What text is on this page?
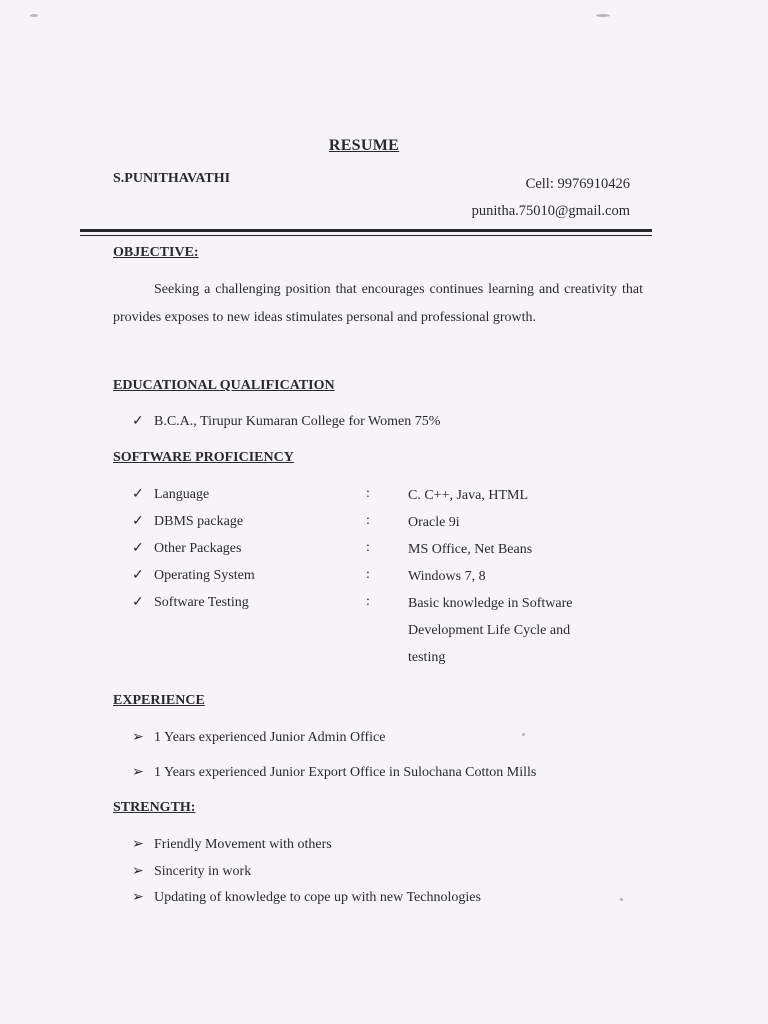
RESUME
S.PUNITHAVATHI	Cell: 9976910426
punitha.75010@gmail.com
OBJECTIVE:
Seeking a challenging position that encourages continues learning and creativity that provides exposes to new ideas stimulates personal and professional growth.
EDUCATIONAL QUALIFICATION
✓ B.C.A., Tirupur Kumaran College for Women 75%
SOFTWARE PROFICIENCY
✓ Language	:	C. C++, Java, HTML
✓ DBMS package	:	Oracle 9i
✓ Other Packages	:	MS Office, Net Beans
✓ Operating System	:	Windows 7, 8
✓ Software Testing	:	Basic knowledge in Software Development Life Cycle and testing
EXPERIENCE
➢ 1 Years experienced Junior Admin Office
➢ 1 Years experienced Junior Export Office in Sulochana Cotton Mills
STRENGTH:
➢ Friendly Movement with others
➢ Sincerity in work
➢ Updating of knowledge to cope up with new Technologies
